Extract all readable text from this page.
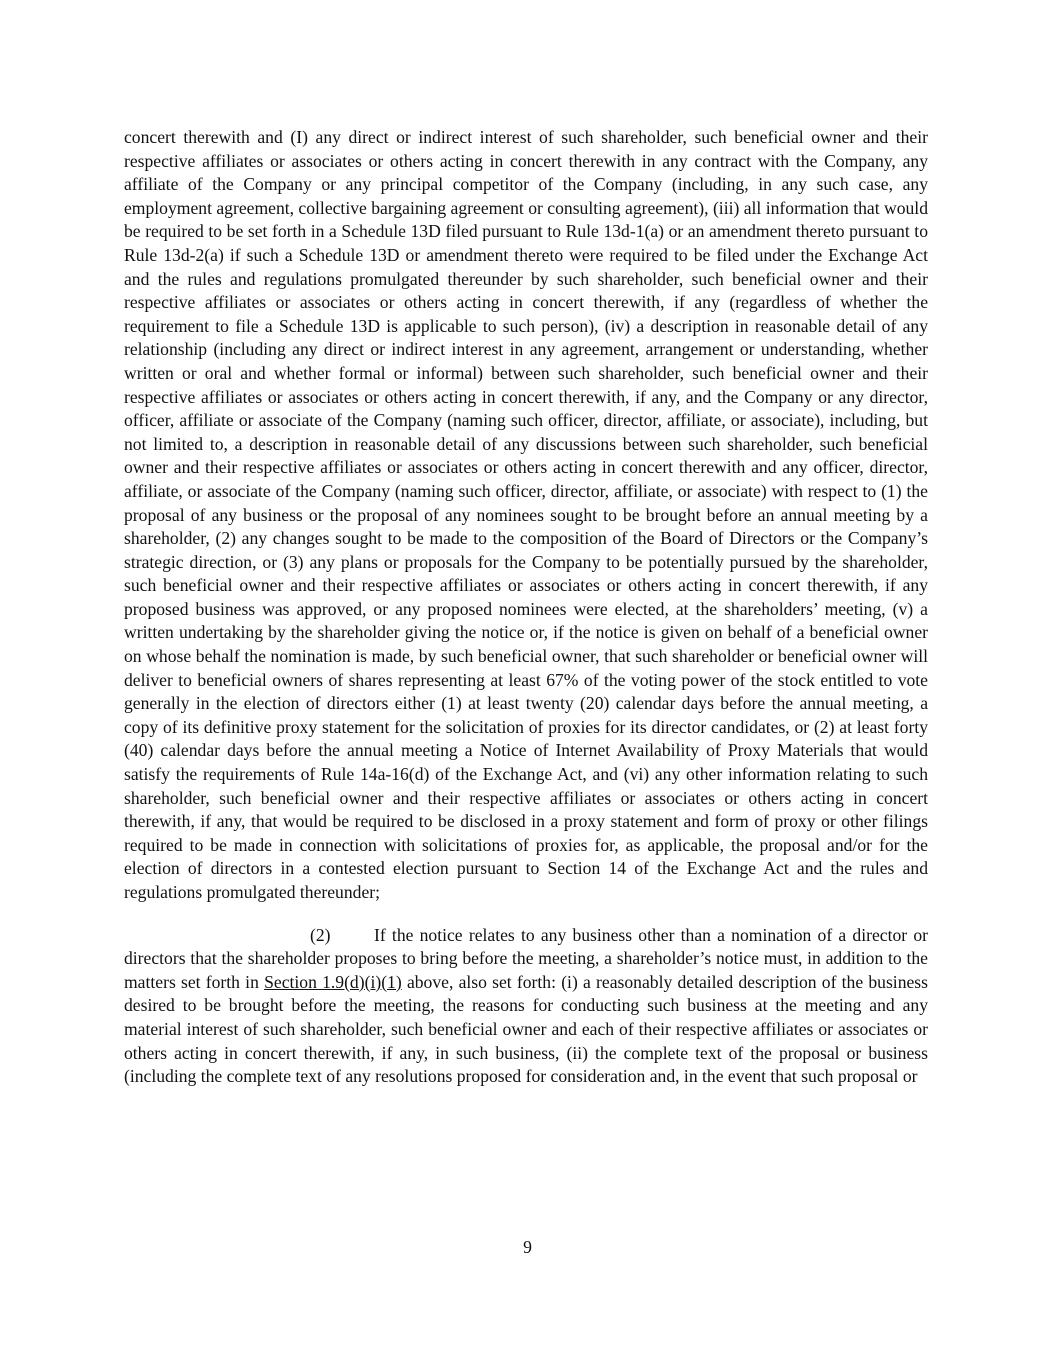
concert therewith and (I) any direct or indirect interest of such shareholder, such beneficial owner and their respective affiliates or associates or others acting in concert therewith in any contract with the Company, any affiliate of the Company or any principal competitor of the Company (including, in any such case, any employment agreement, collective bargaining agreement or consulting agreement), (iii) all information that would be required to be set forth in a Schedule 13D filed pursuant to Rule 13d-1(a) or an amendment thereto pursuant to Rule 13d-2(a) if such a Schedule 13D or amendment thereto were required to be filed under the Exchange Act and the rules and regulations promulgated thereunder by such shareholder, such beneficial owner and their respective affiliates or associates or others acting in concert therewith, if any (regardless of whether the requirement to file a Schedule 13D is applicable to such person), (iv) a description in reasonable detail of any relationship (including any direct or indirect interest in any agreement, arrangement or understanding, whether written or oral and whether formal or informal) between such shareholder, such beneficial owner and their respective affiliates or associates or others acting in concert therewith, if any, and the Company or any director, officer, affiliate or associate of the Company (naming such officer, director, affiliate, or associate), including, but not limited to, a description in reasonable detail of any discussions between such shareholder, such beneficial owner and their respective affiliates or associates or others acting in concert therewith and any officer, director, affiliate, or associate of the Company (naming such officer, director, affiliate, or associate) with respect to (1) the proposal of any business or the proposal of any nominees sought to be brought before an annual meeting by a shareholder, (2) any changes sought to be made to the composition of the Board of Directors or the Company’s strategic direction, or (3) any plans or proposals for the Company to be potentially pursued by the shareholder, such beneficial owner and their respective affiliates or associates or others acting in concert therewith, if any proposed business was approved, or any proposed nominees were elected, at the shareholders’ meeting, (v) a written undertaking by the shareholder giving the notice or, if the notice is given on behalf of a beneficial owner on whose behalf the nomination is made, by such beneficial owner, that such shareholder or beneficial owner will deliver to beneficial owners of shares representing at least 67% of the voting power of the stock entitled to vote generally in the election of directors either (1) at least twenty (20) calendar days before the annual meeting, a copy of its definitive proxy statement for the solicitation of proxies for its director candidates, or (2) at least forty (40) calendar days before the annual meeting a Notice of Internet Availability of Proxy Materials that would satisfy the requirements of Rule 14a-16(d) of the Exchange Act, and (vi) any other information relating to such shareholder, such beneficial owner and their respective affiliates or associates or others acting in concert therewith, if any, that would be required to be disclosed in a proxy statement and form of proxy or other filings required to be made in connection with solicitations of proxies for, as applicable, the proposal and/or for the election of directors in a contested election pursuant to Section 14 of the Exchange Act and the rules and regulations promulgated thereunder;

(2) If the notice relates to any business other than a nomination of a director or directors that the shareholder proposes to bring before the meeting, a shareholder’s notice must, in addition to the matters set forth in Section 1.9(d)(i)(1) above, also set forth: (i) a reasonably detailed description of the business desired to be brought before the meeting, the reasons for conducting such business at the meeting and any material interest of such shareholder, such beneficial owner and each of their respective affiliates or associates or others acting in concert therewith, if any, in such business, (ii) the complete text of the proposal or business (including the complete text of any resolutions proposed for consideration and, in the event that such proposal or

9
